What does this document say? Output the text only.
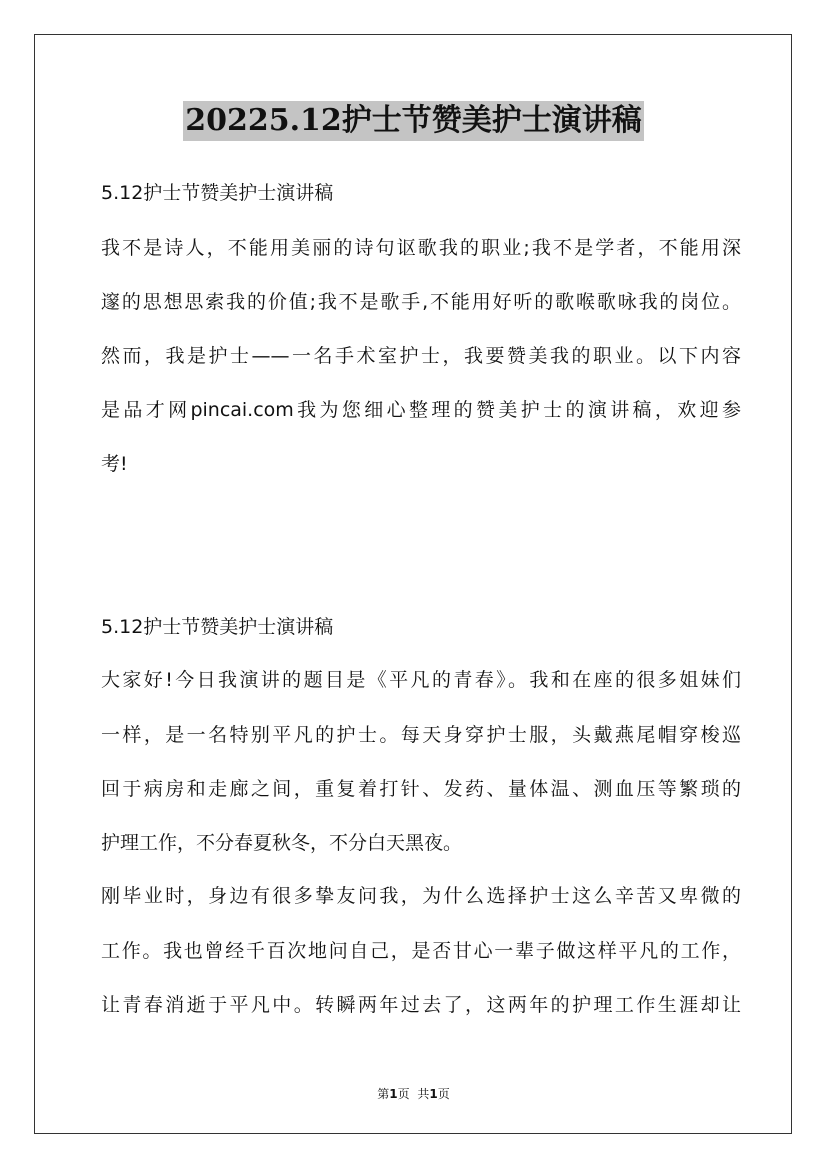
20225.12护士节赞美护士演讲稿
5.12护士节赞美护士演讲稿
我不是诗人，不能用美丽的诗句讴歌我的职业;我不是学者，不能用深
邃的思想思索我的价值;我不是歌手,不能用好听的歌喉歌咏我的岗位。
然而，我是护士——一名手术室护士，我要赞美我的职业。以下内容
是品才网pincai.com我为您细心整理的赞美护士的演讲稿，欢迎参
考!
5.12护士节赞美护士演讲稿
大家好!今日我演讲的题目是《平凡的青春》。我和在座的很多姐妹们
一样，是一名特别平凡的护士。每天身穿护士服，头戴燕尾帽穿梭巡
回于病房和走廊之间，重复着打针、发药、量体温、测血压等繁琐的
护理工作，不分春夏秋冬，不分白天黑夜。
刚毕业时，身边有很多挚友问我，为什么选择护士这么辛苦又卑微的
工作。我也曾经千百次地问自己，是否甘心一辈子做这样平凡的工作，
让青春消逝于平凡中。转瞬两年过去了，这两年的护理工作生涯却让
第1页 共1页
